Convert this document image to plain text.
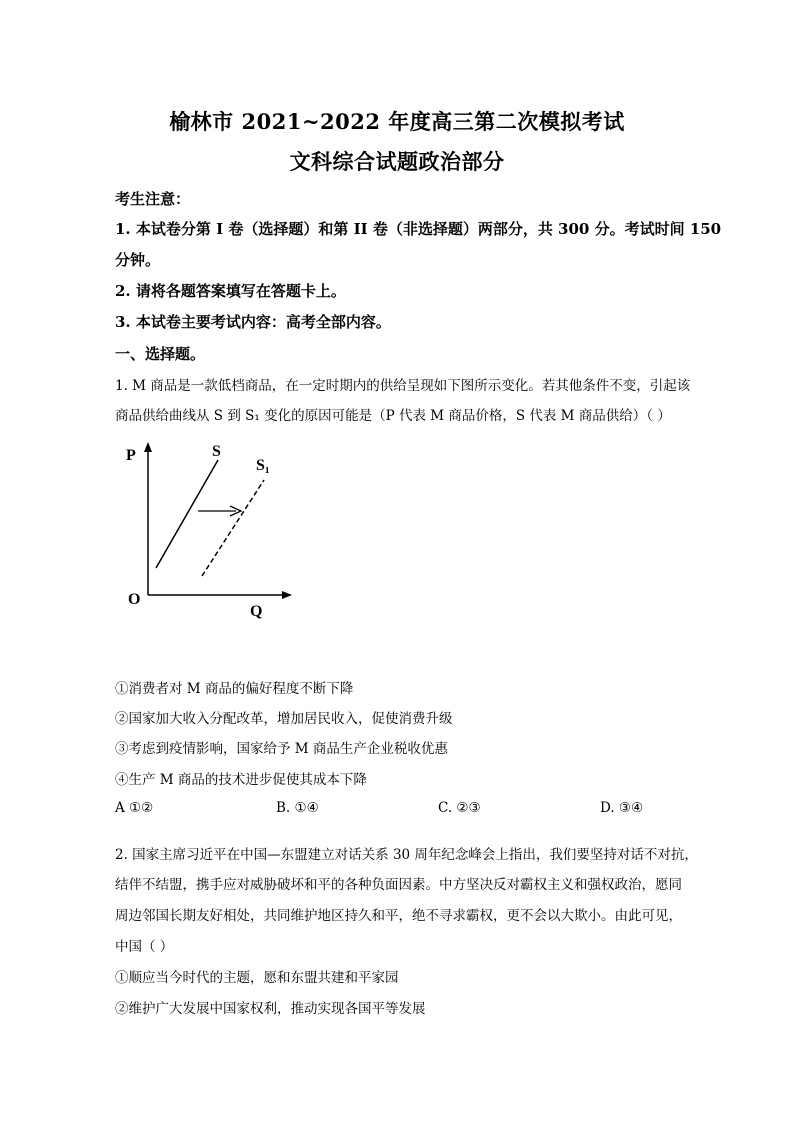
榆林市 2021~2022 年度高三第二次模拟考试
文科综合试题政治部分
考生注意：
1. 本试卷分第 I 卷（选择题）和第 II 卷（非选择题）两部分，共 300 分。考试时间 150
分钟。
2. 请将各题答案填写在答题卡上。
3. 本试卷主要考试内容：高考全部内容。
一、选择题。
1. M 商品是一款低档商品，在一定时期内的供给呈现如下图所示变化。若其他条件不变，引起该
商品供给曲线从 S 到 S₁ 变化的原因可能是（P 代表 M 商品价格，S 代表 M 商品供给）（ ）
P	S
S₁
O
Q
①消费者对 M 商品的偏好程度不断下降
②国家加大收入分配改革，增加居民收入，促使消费升级
③考虑到疫情影响，国家给予 M 商品生产企业税收优惠
④生产 M 商品的技术进步促使其成本下降
A ①②	B. ①④	C. ②③	D. ③④
2. 国家主席习近平在中国—东盟建立对话关系 30 周年纪念峰会上指出，我们要坚持对话不对抗，
结伴不结盟，携手应对威胁破坏和平的各种负面因素。中方坚决反对霸权主义和强权政治，愿同
周边邻国长期友好相处，共同维护地区持久和平，绝不寻求霸权，更不会以大欺小。由此可见，
中国（ ）
①顺应当今时代的主题，愿和东盟共建和平家园
②维护广大发展中国家权利，推动实现各国平等发展
